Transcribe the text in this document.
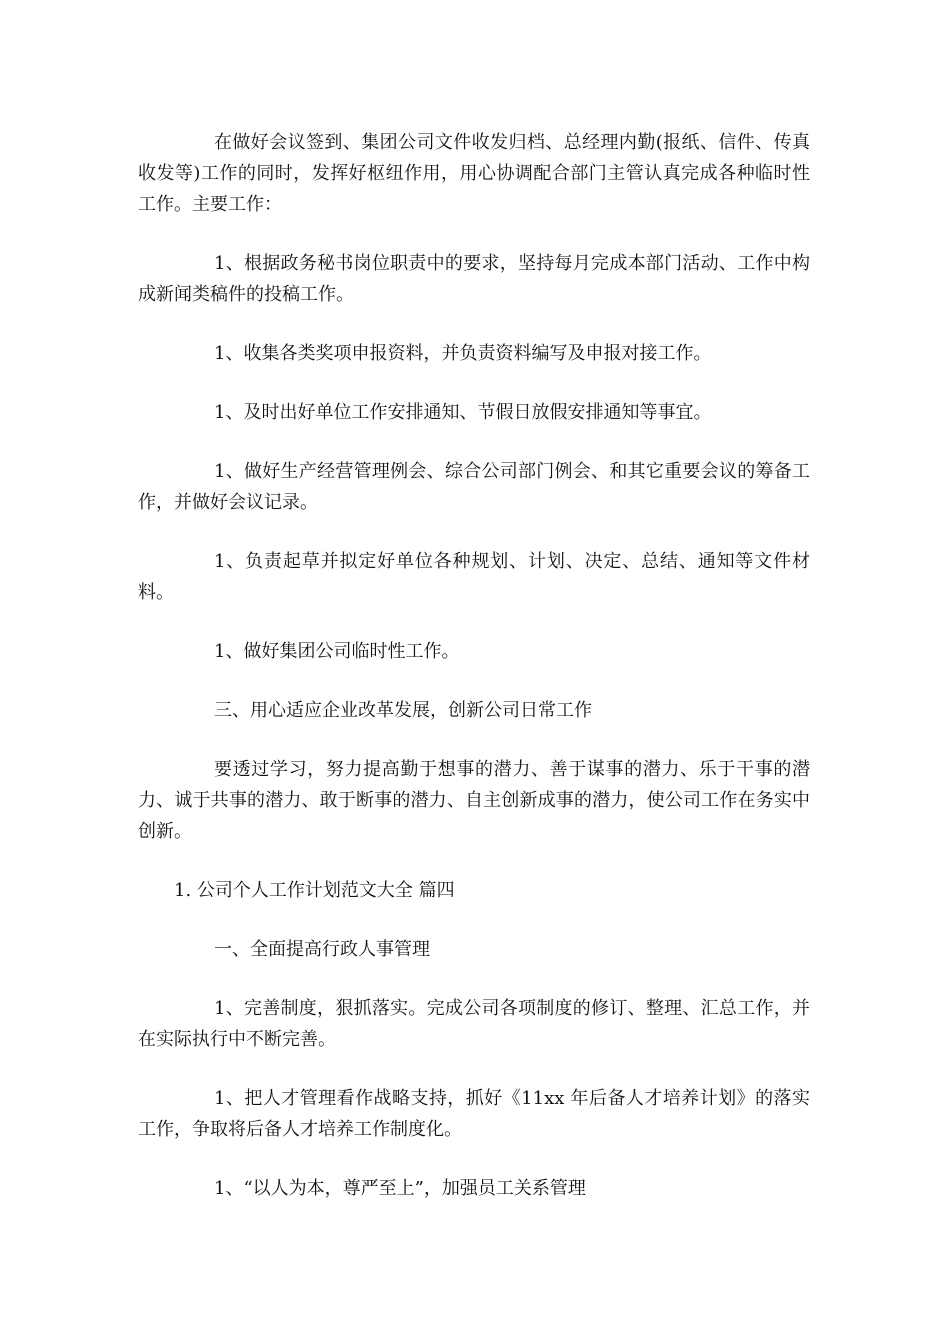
在做好会议签到、集团公司文件收发归档、总经理内勤(报纸、信件、传真收发等)工作的同时，发挥好枢纽作用，用心协调配合部门主管认真完成各种临时性工作。主要工作：

1、根据政务秘书岗位职责中的要求，坚持每月完成本部门活动、工作中构成新闻类稿件的投稿工作。

1、收集各类奖项申报资料，并负责资料编写及申报对接工作。

1、及时出好单位工作安排通知、节假日放假安排通知等事宜。

1、做好生产经营管理例会、综合公司部门例会、和其它重要会议的筹备工作，并做好会议记录。

1、负责起草并拟定好单位各种规划、计划、决定、总结、通知等文件材料。

1、做好集团公司临时性工作。

三、用心适应企业改革发展，创新公司日常工作

要透过学习，努力提高勤于想事的潜力、善于谋事的潜力、乐于干事的潜力、诚于共事的潜力、敢于断事的潜力、自主创新成事的潜力，使公司工作在务实中创新。

1. 公司个人工作计划范文大全 篇四

一、全面提高行政人事管理

1、完善制度，狠抓落实。完成公司各项制度的修订、整理、汇总工作，并在实际执行中不断完善。

1、把人才管理看作战略支持，抓好《11xx 年后备人才培养计划》的落实工作，争取将后备人才培养工作制度化。

1、“以人为本，尊严至上”，加强员工关系管理
